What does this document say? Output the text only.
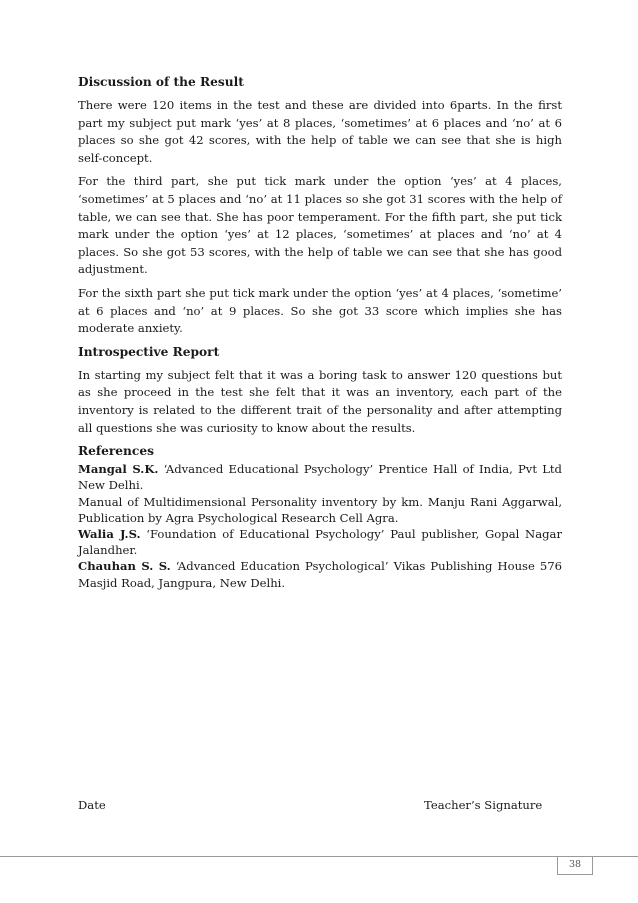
Discussion of the Result

There were 120 items in the test and these are divided into 6parts. In the first part my subject put mark ‘yes’ at 8 places, ‘sometimes’ at 6 places and ‘no’ at 6 places so she got 42 scores, with the help of table we can see that she is high self-concept.

For the third part, she put tick mark under the option ‘yes’ at 4 places, ‘sometimes’ at 5 places and ‘no’ at 11 places so she got 31 scores with the help of table, we can see that. She has poor temperament. For the fifth part, she put tick mark under the option ‘yes’ at 12 places, ‘sometimes’ at places and ‘no’ at 4 places. So she got 53 scores, with the help of table we can see that she has good adjustment.

For the sixth part she put tick mark under the option ‘yes’ at 4 places, ‘sometime’ at 6 places and ‘no’ at 9 places. So she got 33 score which implies she has moderate anxiety.

Introspective Report

In starting my subject felt that it was a boring task to answer 120 questions but as she proceed in the test she felt that it was an inventory, each part of the inventory is related to the different trait of the personality and after attempting all questions she was curiosity to know about the results.

References

Mangal S.K. ‘Advanced Educational Psychology’ Prentice Hall of India, Pvt Ltd New Delhi.

Manual of Multidimensional Personality inventory by km. Manju Rani Aggarwal, Publication by Agra Psychological Research Cell Agra.

Walia J.S. ‘Foundation of Educational Psychology’ Paul publisher, Gopal Nagar Jalandher.

Chauhan S. S. ‘Advanced Education Psychological’ Vikas Publishing House 576 Masjid Road, Jangpura, New Delhi.

Date	Teacher’s Signature
38
